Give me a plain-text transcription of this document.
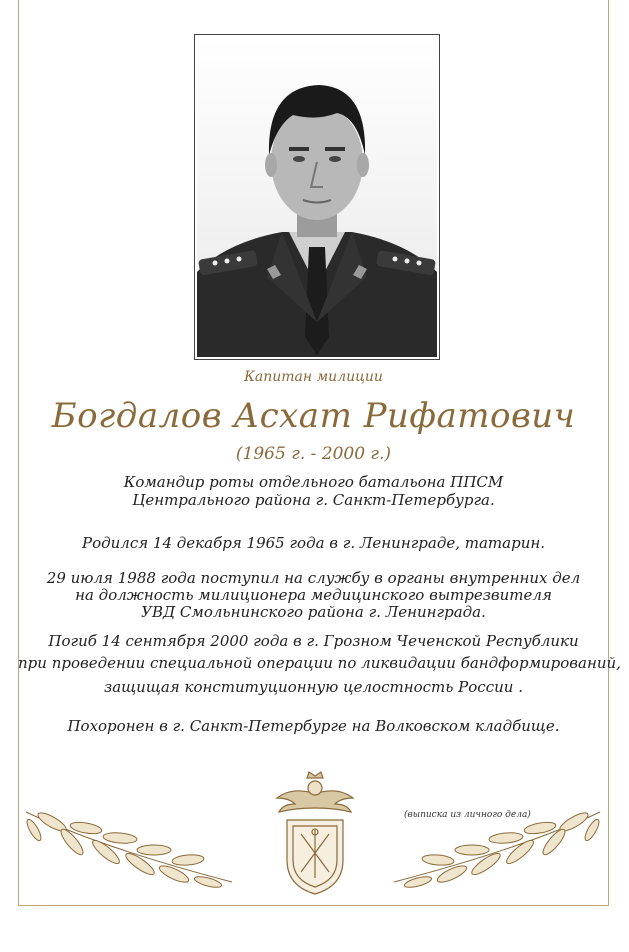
Капитан милиции
Богдалов Асхат Рифатович
(1965 г. - 2000 г.)
Командир роты отдельного батальона ППСМ
Центрального района г. Санкт-Петербурга.
Родился 14 декабря 1965 года в г. Ленинграде, татарин.
29 июля 1988 года поступил на службу в органы внутренних дел
на должность милиционера медицинского вытрезвителя
УВД Смольнинского района г. Ленинграда.
Погиб 14 сентября 2000 года в г. Грозном Чеченской Республики
при проведении специальной операции по ликвидации бандформирований,
защищая конституционную целостность России .
Похоронен в г. Санкт-Петербурге на Волковском кладбище.
(выписка из личного дела)
